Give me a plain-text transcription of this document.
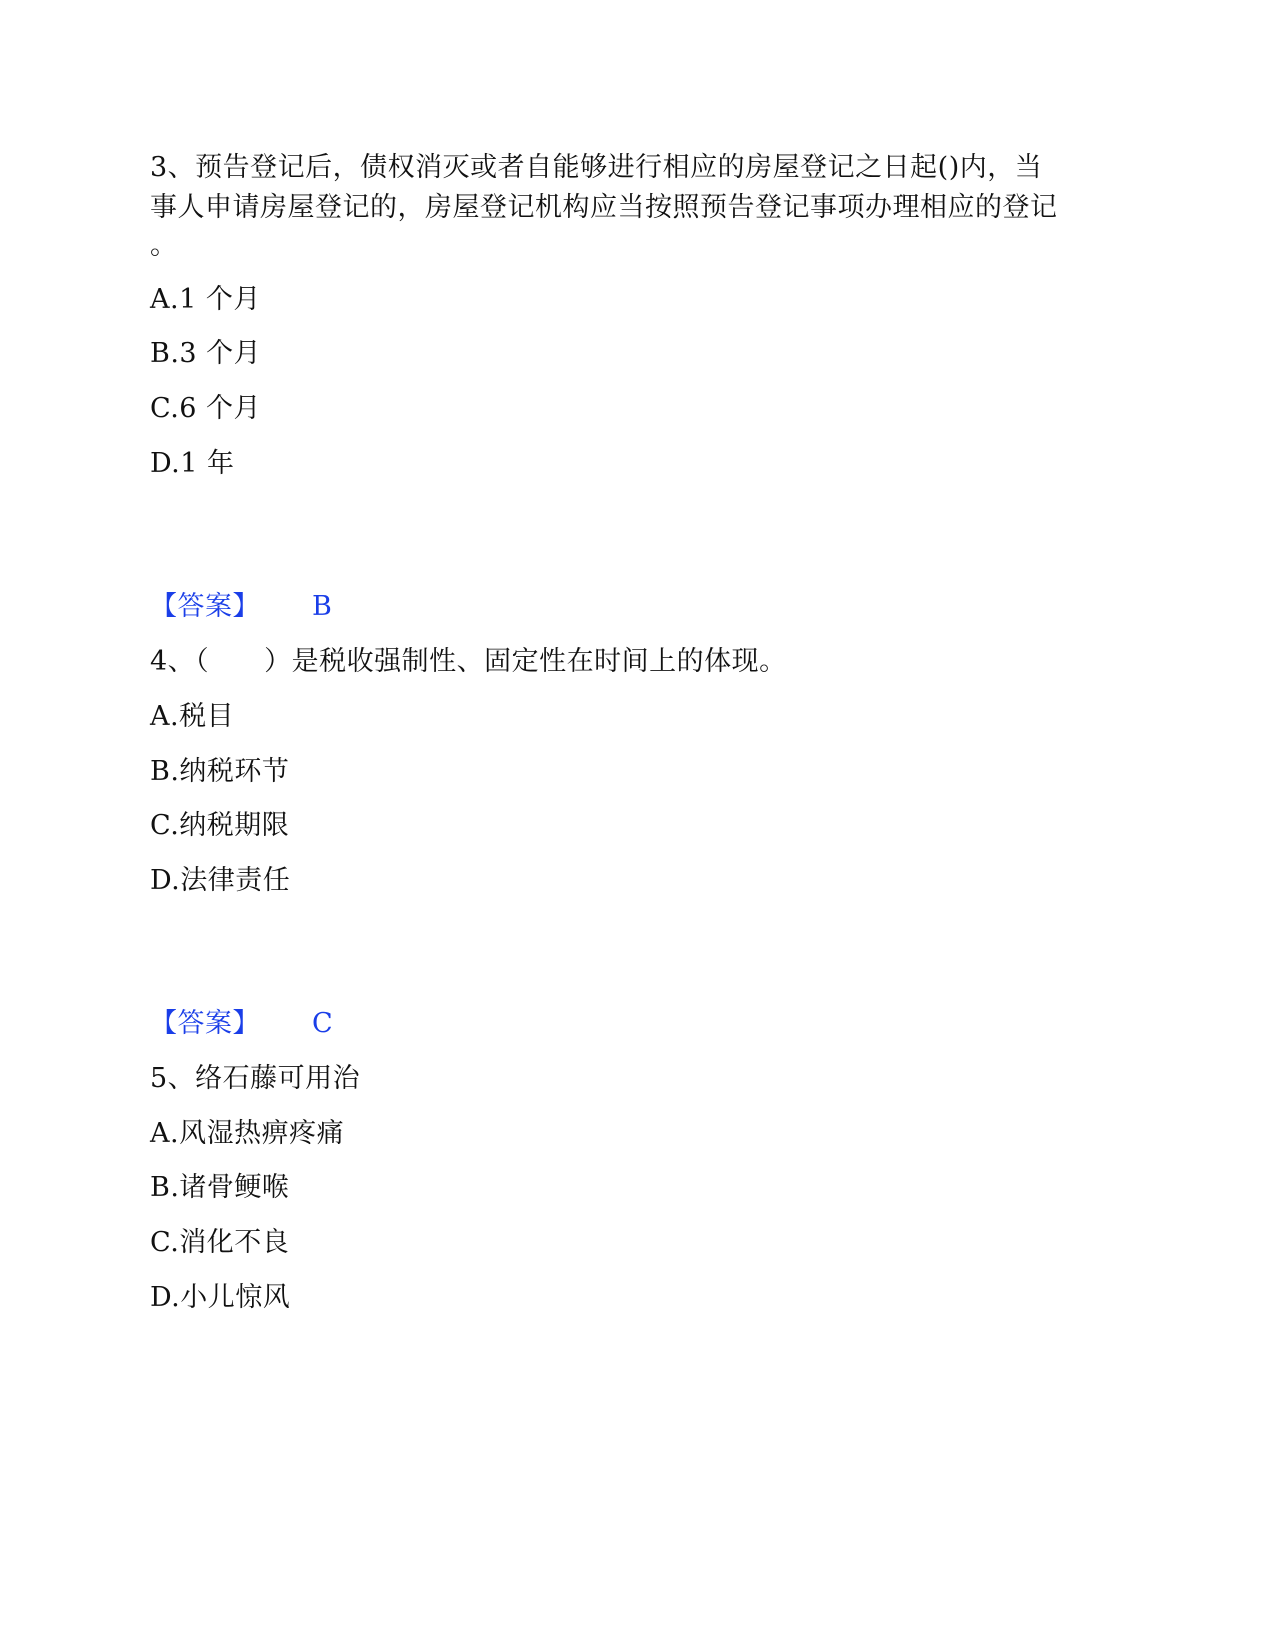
3、预告登记后，债权消灭或者自能够进行相应的房屋登记之日起()内，当
事人申请房屋登记的，房屋登记机构应当按照预告登记事项办理相应的登记
。
A.1 个月
B.3 个月
C.6 个月
D.1 年
【答案】 B
4、（　　）是税收强制性、固定性在时间上的体现。
A.税目
B.纳税环节
C.纳税期限
D.法律责任
【答案】 C
5、络石藤可用治
A.风湿热痹疼痛
B.诸骨鲠喉
C.消化不良
D.小儿惊风
